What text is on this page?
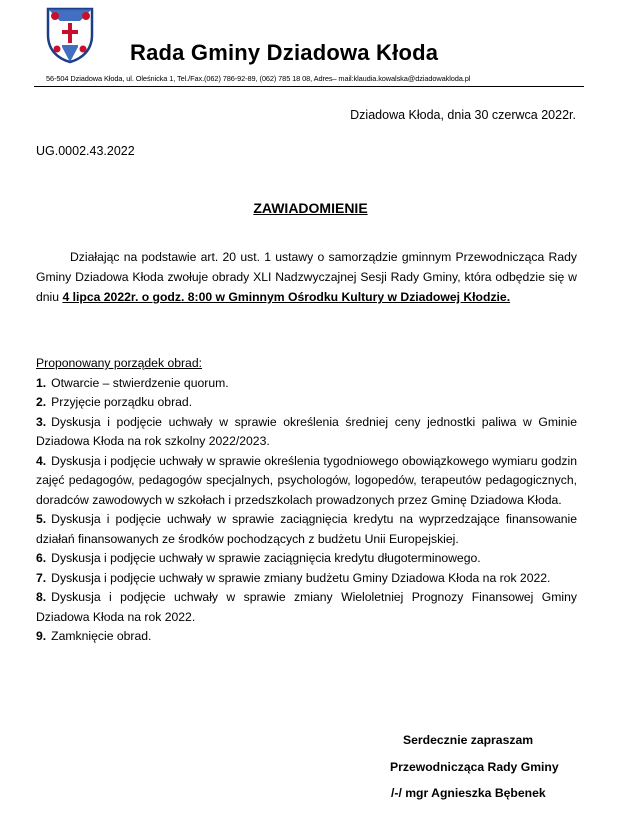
Rada Gminy Dziadowa Kłoda
56-504 Dziadowa Kłoda, ul. Oleśnicka 1, Tel./Fax.(062) 786-92-89, (062) 785 18 08, Adres– mail:klaudia.kowalska@dziadowakloda.pl
Dziadowa Kłoda, dnia 30 czerwca 2022r.
UG.0002.43.2022
ZAWIADOMIENIE
Działając na podstawie art. 20 ust. 1 ustawy o samorządzie gminnym Przewodnicząca Rady Gminy Dziadowa Kłoda zwołuje obrady XLI Nadzwyczajnej Sesji Rady Gminy, która odbędzie się w dniu 4 lipca 2022r. o godz. 8:00 w Gminnym Ośrodku Kultury w Dziadowej Kłodzie.
Proponowany porządek obrad:
1. Otwarcie – stwierdzenie quorum.
2. Przyjęcie porządku obrad.
3. Dyskusja i podjęcie uchwały w sprawie określenia średniej ceny jednostki paliwa w Gminie Dziadowa Kłoda na rok szkolny 2022/2023.
4. Dyskusja i podjęcie uchwały w sprawie określenia tygodniowego obowiązkowego wymiaru godzin zajęć pedagogów, pedagogów specjalnych, psychologów, logopedów, terapeutów pedagogicznych, doradców zawodowych w szkołach i przedszkolach prowadzonych przez Gminę Dziadowa Kłoda.
5. Dyskusja i podjęcie uchwały w sprawie zaciągnięcia kredytu na wyprzedzające finansowanie działań finansowanych ze środków pochodzących z budżetu Unii Europejskiej.
6. Dyskusja i podjęcie uchwały w sprawie zaciągnięcia kredytu długoterminowego.
7. Dyskusja i podjęcie uchwały w sprawie zmiany budżetu Gminy Dziadowa Kłoda na rok 2022.
8. Dyskusja i podjęcie uchwały w sprawie zmiany Wieloletniej Prognozy Finansowej Gminy Dziadowa Kłoda na rok 2022.
9. Zamknięcie obrad.
Serdecznie zapraszam
Przewodnicząca Rady Gminy
/-/ mgr Agnieszka Bębenek
